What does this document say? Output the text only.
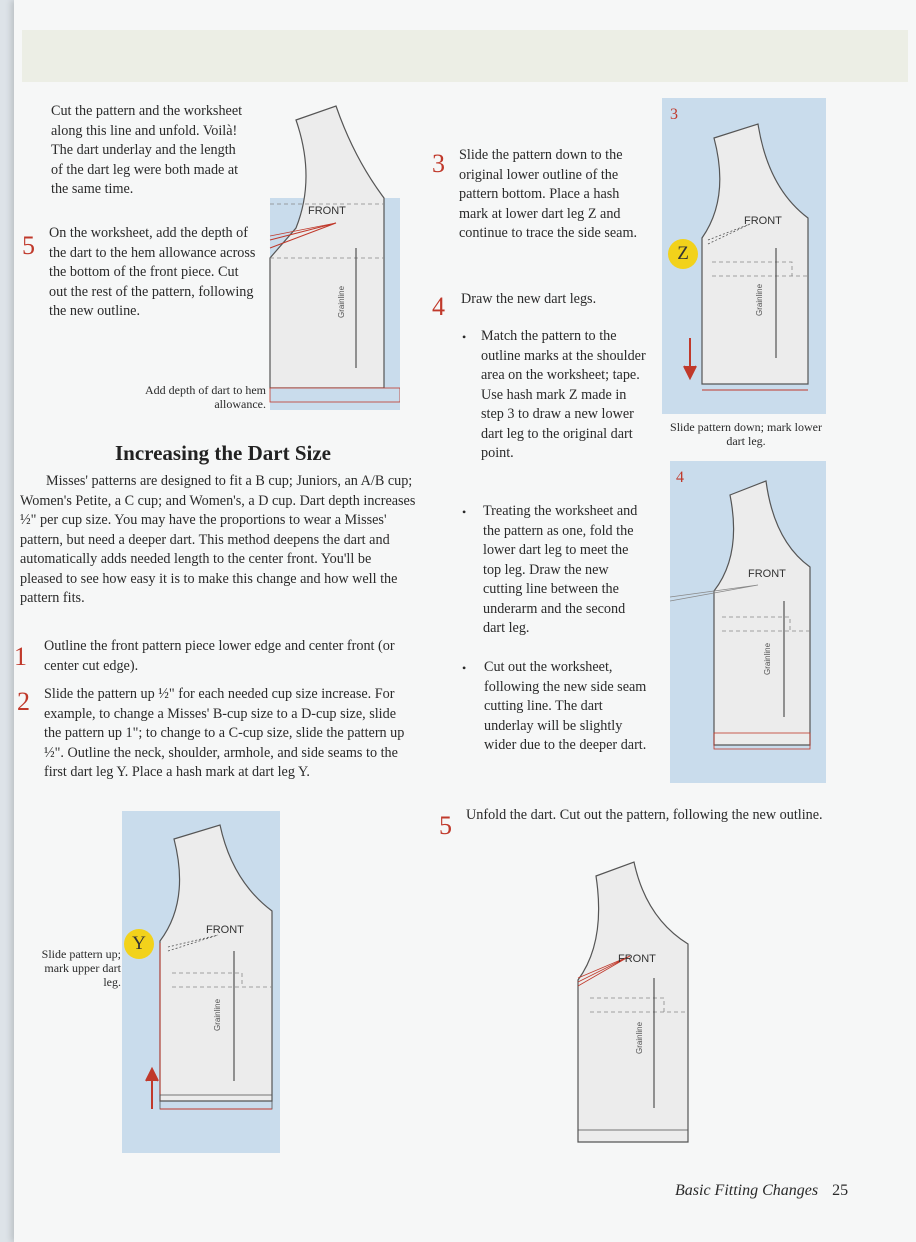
Cut the pattern and the worksheet along this line and unfold. Voilà! The dart underlay and the length of the dart leg were both made at the same time.

5 On the worksheet, add the depth of the dart to the hem allowance across the bottom of the front piece. Cut out the rest of the pattern, following the new outline.

Add depth of dart to hem allowance.
Grainline
FRONT
Increasing the Dart Size

Misses' patterns are designed to fit a B cup; Juniors, an A/B cup; Women's Petite, a C cup; and Women's, a D cup. Dart depth increases ½" per cup size. You may have the proportions to wear a Misses' pattern, but need a deeper dart. This method deepens the dart and automatically adds needed length to the center front. You'll be pleased to see how easy it is to make this change and how well the pattern fits.

1 Outline the front pattern piece lower edge and center front (or center cut edge).

2 Slide the pattern up ½" for each needed cup size increase. For example, to change a Misses' B-cup size to a D-cup size, slide the pattern up 1"; to change to a C-cup size, slide the pattern up ½". Outline the neck, shoulder, armhole, and side seams to the first dart leg Y. Place a hash mark at dart leg Y.

Slide pattern up; mark upper dart leg.
Grainline
FRONT
Y
3 Slide the pattern down to the original lower outline of the pattern bottom. Place a hash mark at lower dart leg Z and continue to trace the side seam.

Grainline
FRONT
3
Z
Slide pattern down; mark lower dart leg.
4 Draw the new dart legs.

• Match the pattern to the outline marks at the shoulder area on the worksheet; tape. Use hash mark Z made in step 3 to draw a new lower dart leg to the original dart point.

• Treating the worksheet and the pattern as one, fold the lower dart leg to meet the top leg. Draw the new cutting line between the underarm and the second dart leg.

• Cut out the worksheet, following the new side seam cutting line. The dart underlay will be slightly wider due to the deeper dart.

Grainline
FRONT
4
5 Unfold the dart. Cut out the pattern, following the new outline.

Grainline
FRONT
Basic Fitting Changes 25
